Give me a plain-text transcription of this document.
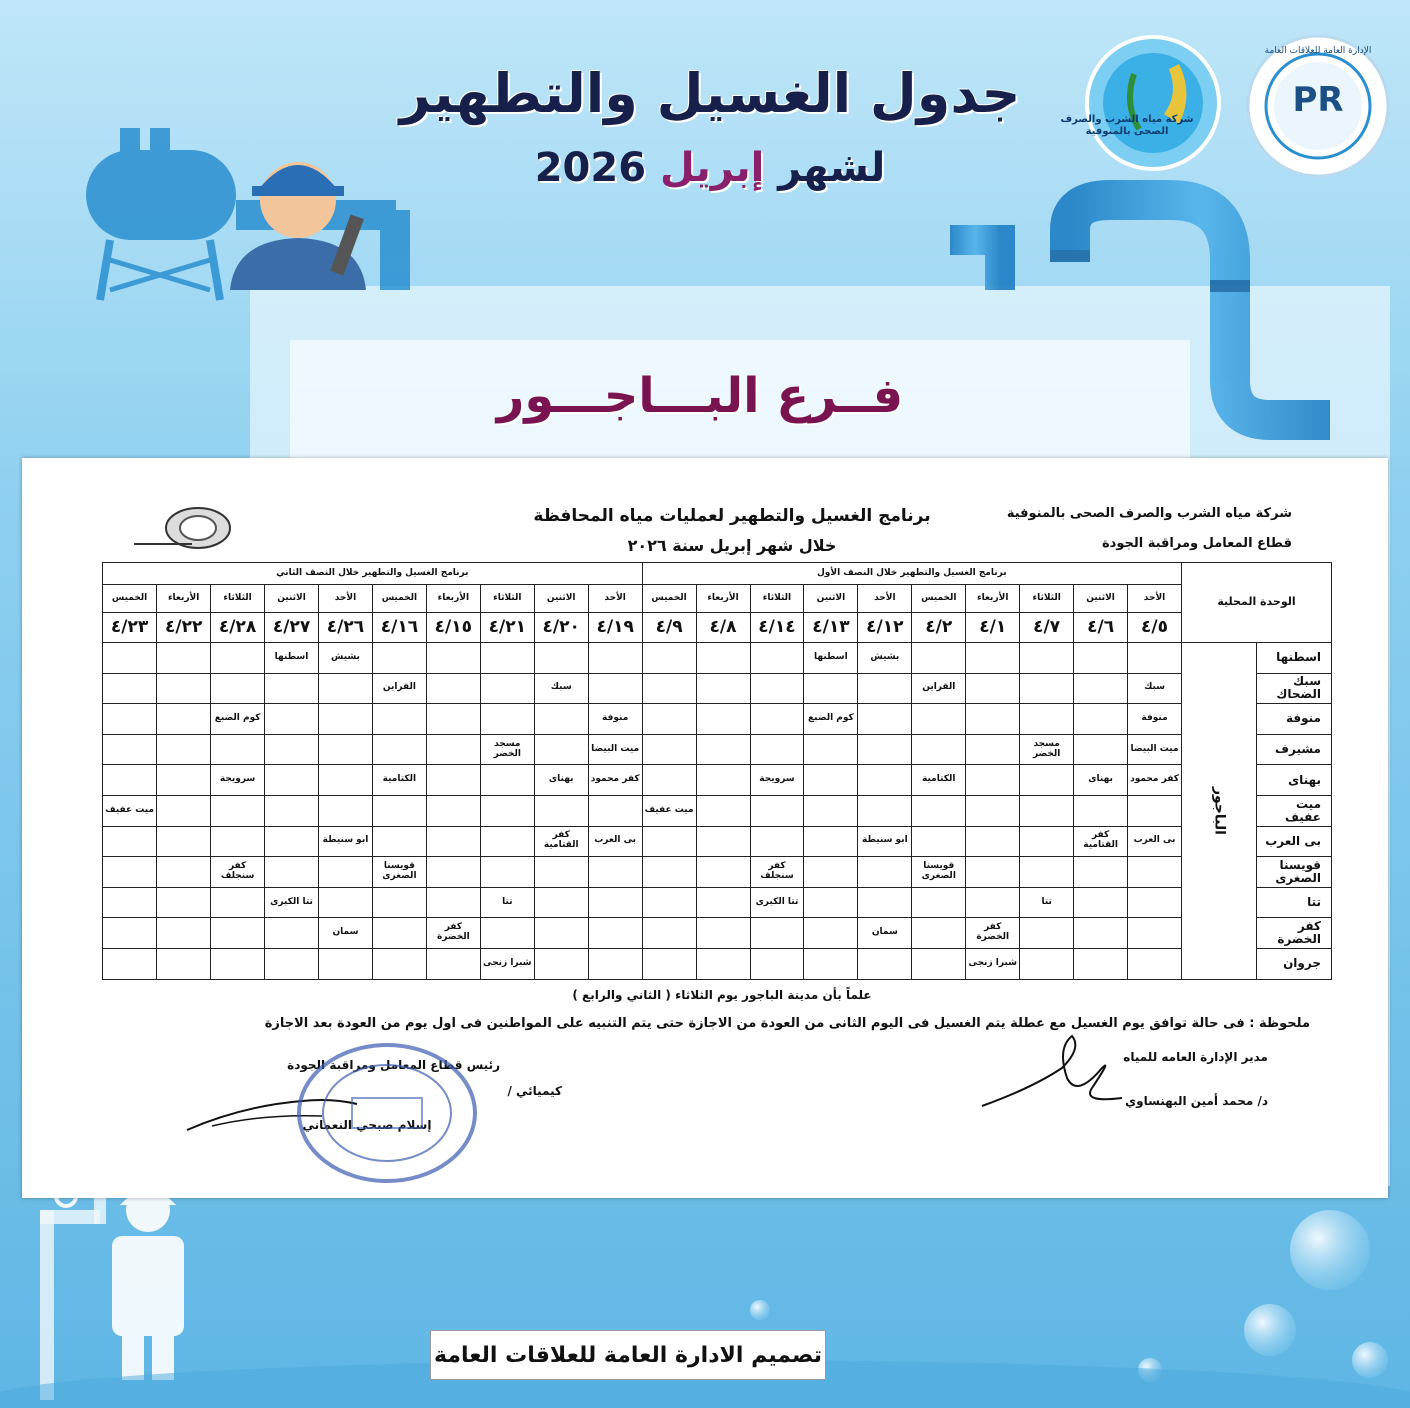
شركة مياه الشرب والصرف الصحى بالمنوفية
PR
الإدارة العامة للعلاقات العامة
جدول الغسيل والتطهير
لشهر إبريل 2026
فــرع البـــاجـــور
شركة مياه الشرب والصرف الصحى بالمنوفية
قطاع المعامل ومراقبة الجودة
برنامج الغسيل والتطهير لعمليات مياه المحافظة
خلال شهر إبريل سنة ٢٠٢٦
الوحدة المحلية		برنامج الغسيل والتطهير خلال النصف الأول										برنامج الغسيل والتطهير خلال النصف الثاني									
		الأحد	الاثنين	الثلاثاء	الأربعاء	الخميس	الأحد	الاثنين	الثلاثاء	الأربعاء	الخميس	الأحد	الاثنين	الثلاثاء	الأربعاء	الخميس	الأحد	الاثنين	الثلاثاء	الأربعاء	الخميس
		٤/٥	٤/٦	٤/٧	٤/١	٤/٢	٤/١٢	٤/١٣	٤/١٤	٤/٨	٤/٩	٤/١٩	٤/٢٠	٤/٢١	٤/١٥	٤/١٦	٤/٢٦	٤/٢٧	٤/٢٨	٤/٢٢	٤/٢٣
اسطنها	الباجور						بشيش	اسطنها									بشيش	اسطنها			
سبك الضحاك		سبك				القراين							سبك			القراين					
منوفة		منوفة						كوم الضبع				منوفة							كوم الضبع		
مشيرف		ميت البيضا		مسجد الخضر								ميت البيضا		مسجد الخضر							
بهناى		كفر محمود	بهناى			الكتامية			سرويجة			كفر محمود	بهناى			الكتامية			سرويجة		
ميت عفيف											ميت عفيف										ميت عفيف
بى العرب		بى العرب	كفر القتامية				ابو سنيطة					بى العرب	كفر القتامية				ابو سنيطة				
قويسنا الصغرى						قويسنا الصغرى			كفر سنجلف							قويسنا الصغرى			كفر سنجلف		
تتا				تتا					تتا الكبرى					تتا				تتا الكبرى			
كفر الخضرة					كفر الخضرة		سمان								كفر الخضرة		سمان				
جروان					شبرا زنجى									شبرا زنجى							
علماً بأن مدينة الباجور يوم الثلاثاء ( الثاني والرابع )
ملحوظة : فى حالة توافق يوم الغسيل مع عطلة يتم الغسيل فى اليوم الثانى من العودة من الاجازة حتى يتم التنبيه على المواطنين فى اول يوم من العودة بعد الاجازة
مدير الإدارة العامه للمياه
د/ محمد أمين البهنساوي
رئيس قطاع المعامل ومراقبة الجودة
كيميائي /
إسلام صبحي النعماني
تصميم الادارة العامة للعلاقات العامة
